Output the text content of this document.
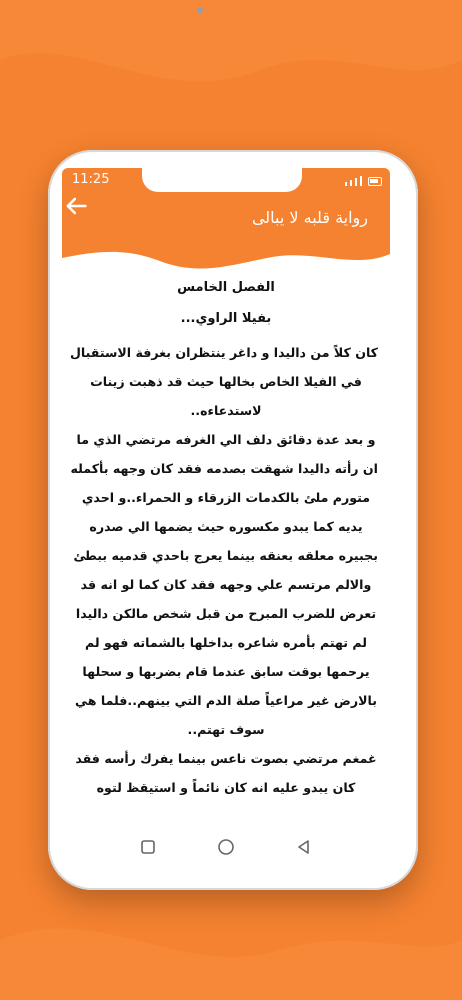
11:25
رواية قلبه لا يبالى
الفصل الخامس
بفيلا الراوي...
كان كلاً من داليدا و داغر ينتظران بغرفة الاستقبال
في الفيلا الخاص بخالها حيث قد ذهبت زينات
لاستدعاءه..
و بعد عدة دقائق دلف الي الغرفه مرتضي الذي ما
ان رأته داليدا شهقت بصدمه فقد كان وجهه بأكمله
متورم ملئ بالكدمات الزرقاء و الحمراء..و احدي
يديه كما يبدو مكسوره حيث يضمها الي صدره
بجبيره معلقه بعنقه بينما يعرج باحدي قدميه ببطئ
والالم مرتسم علي وجهه فقد كان كما لو انه قد
تعرض للضرب المبرح من قبل شخص مالكن داليدا
لم تهتم بأمره شاعره بداخلها بالشماته فهو لم
يرحمها بوقت سابق عندما قام بضربها و سحلها
بالارض غير مراعياً صلة الدم التي بينهم..فلما هي
سوف تهتم..
غمغم مرتضي بصوت ناعس بينما يفرك رأسه فقد
كان يبدو عليه انه كان نائماً و استيقظ لتوه
